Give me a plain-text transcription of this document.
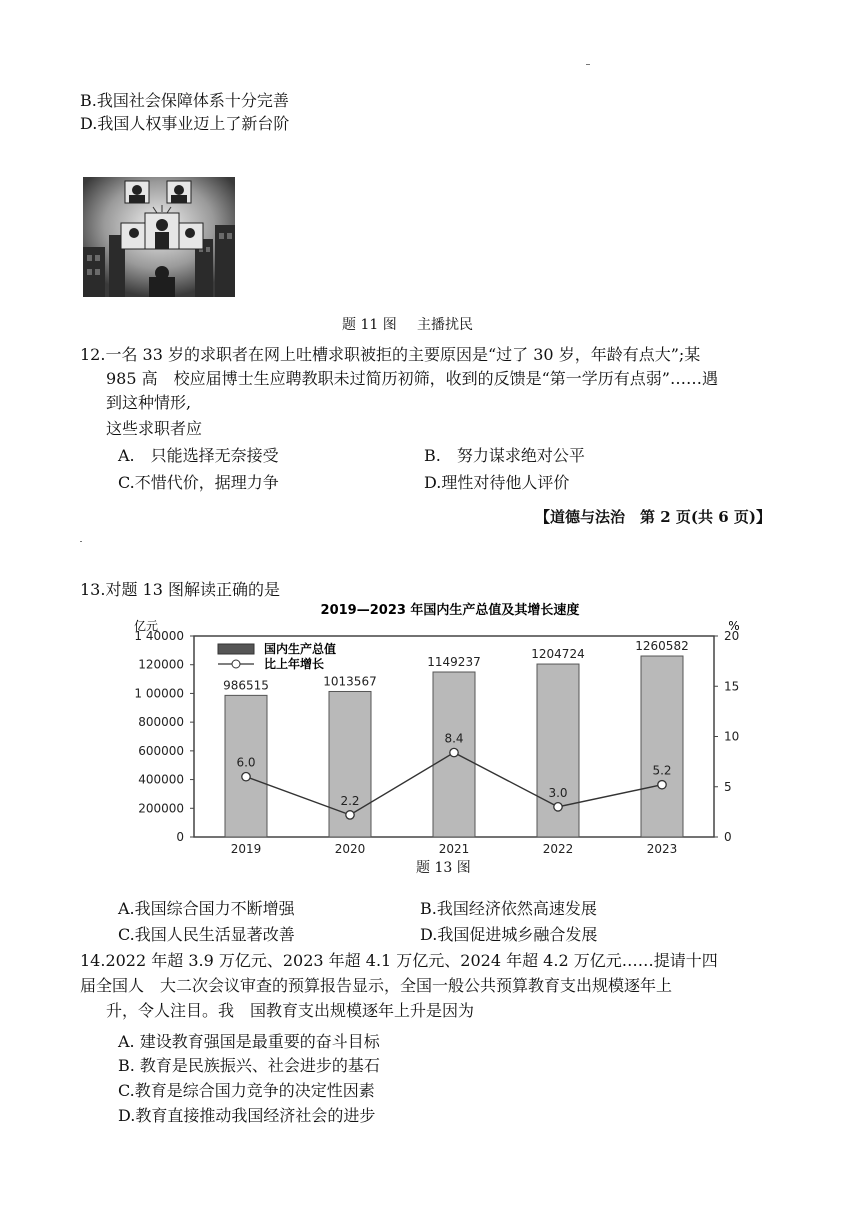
B.我国社会保障体系十分完善
D.我国人权事业迈上了新台阶
题 11 图 主播扰民
12.一名 33 岁的求职者在网上吐槽求职被拒的主要原因是“过了 30 岁，年龄有点大”;某
985 高　校应届博士生应聘教职未过简历初筛，收到的反馈是“第一学历有点弱”……遇
到这种情形,
这些求职者应
A.　只能选择无奈接受	B.　努力谋求绝对公平
C.不惜代价，据理力争	D.理性对待他人评价
【道德与法治　第 2 页(共 6 页)】
13.对题 13 图解读正确的是
2019—2023 年国内生产总值及其增长速度
亿元	%
国内生产总值
比上年增长
986515	1013567
1149237
1204724
1260582
6.0
2.2
8.4
3.0
5.2
1 40000
120000
1 00000
800000
600000
400000
200000
0
20
15
10
5
0
2019	2020	2021	2022	2023
题 13 图
A.我国综合国力不断增强	B.我国经济依然高速发展
C.我国人民生活显著改善	D.我国促进城乡融合发展
14.2022 年超 3.9 万亿元、2023 年超 4.1 万亿元、2024 年超 4.2 万亿元……提请十四
届全国人　大二次会议审查的预算报告显示，全国一般公共预算教育支出规模逐年上
升，令人注目。我　国教育支出规模逐年上升是因为
A. 建设教育强国是最重要的奋斗目标
B. 教育是民族振兴、社会进步的基石
C.教育是综合国力竞争的决定性因素
D.教育直接推动我国经济社会的进步
